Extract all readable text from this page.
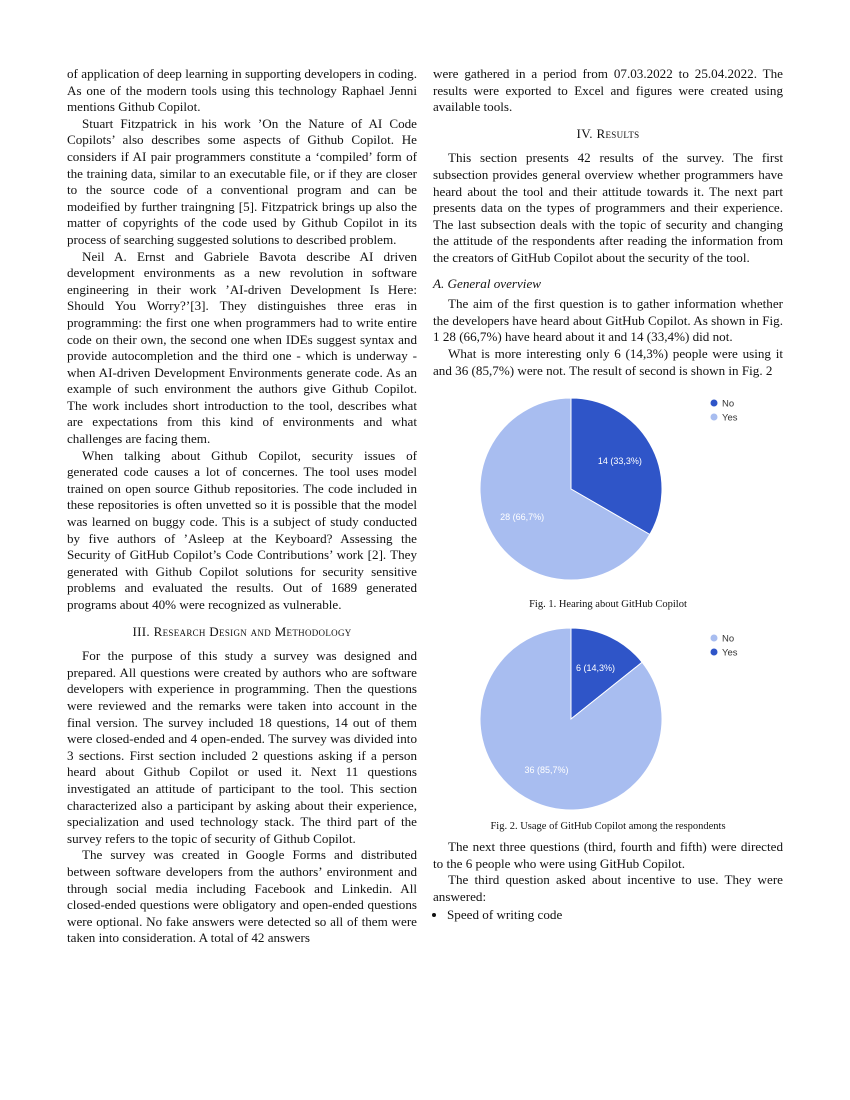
of application of deep learning in supporting developers in coding. As one of the modern tools using this technology Raphael Jenni mentions Github Copilot.

Stuart Fitzpatrick in his work ’On the Nature of AI Code Copilots’ also describes some aspects of Github Copilot. He considers if AI pair programmers constitute a ‘compiled’ form of the training data, similar to an executable file, or if they are closer to the source code of a conventional program and can be modeified by further traingning [5]. Fitzpatrick brings up also the matter of copyrights of the code used by Github Copilot in its process of searching suggested solutions to described problem.

Neil A. Ernst and Gabriele Bavota describe AI driven development environments as a new revolution in software engineering in their work ’AI-driven Development Is Here: Should You Worry?’[3]. They distinguishes three eras in programming: the first one when programmers had to write entire code on their own, the second one when IDEs suggest syntax and provide autocompletion and the third one - which is underway - when AI-driven Development Environments generate code. As an example of such environment the authors give Github Copilot. The work includes short introduction to the tool, describes what are expectations from this kind of environments and what challenges are facing them.

When talking about Github Copilot, security issues of generated code causes a lot of concernes. The tool uses model trained on open source Github repositories. The code included in these repositories is often unvetted so it is possible that the model was learned on buggy code. This is a subject of study conducted by five authors of ’Asleep at the Keyboard? Assessing the Security of GitHub Copilot’s Code Contributions’ work [2]. They generated with Github Copilot solutions for security sensitive problems and evaluated the results. Out of 1689 generated programs about 40% were recognized as vulnerable.

III. Research Design and Methodology

For the purpose of this study a survey was designed and prepared. All questions were created by authors who are software developers with experience in programming. Then the questions were reviewed and the remarks were taken into account in the final version. The survey included 18 questions, 14 out of them were closed-ended and 4 open-ended. The survey was divided into 3 sections. First section included 2 questions asking if a person heard about Github Copilot or used it. Next 11 questions investigated an attitude of participant to the tool. This section characterized also a participant by asking about their experience, specialization and used technology stack. The third part of the survey refers to the topic of security of Github Copilot.

The survey was created in Google Forms and distributed between software developers from the authors’ environment and through social media including Facebook and Linkedin. All closed-ended questions were obligatory and open-ended questions were optional. No fake answers were detected so all of them were taken into consideration. A total of 42 answers

were gathered in a period from 07.03.2022 to 25.04.2022. The results were exported to Excel and figures were created using available tools.

IV. Results

This section presents 42 results of the survey. The first subsection provides general overview whether programmers have heard about the tool and their attitude towards it. The next part presents data on the types of programmers and their experience. The last subsection deals with the topic of security and changing the attitude of the respondents after reading the information from the creators of GitHub Copilot about the security of the tool.

A. General overview

The aim of the first question is to gather information whether the developers have heard about GitHub Copilot. As shown in Fig. 1 28 (66,7%) have heard about it and 14 (33,4%) did not.

What is more interesting only 6 (14,3%) people were using it and 36 (85,7%) were not. The result of second is shown in Fig. 2

14 (33,3%)
28 (66,7%)
No
Yes
Fig. 1. Hearing about GitHub Copilot
6 (14,3%)
36 (85,7%)
No
Yes
Fig. 2. Usage of GitHub Copilot among the respondents

The next three questions (third, fourth and fifth) were directed to the 6 people who were using GitHub Copilot.

The third question asked about incentive to use. They were answered:

• Speed of writing code
